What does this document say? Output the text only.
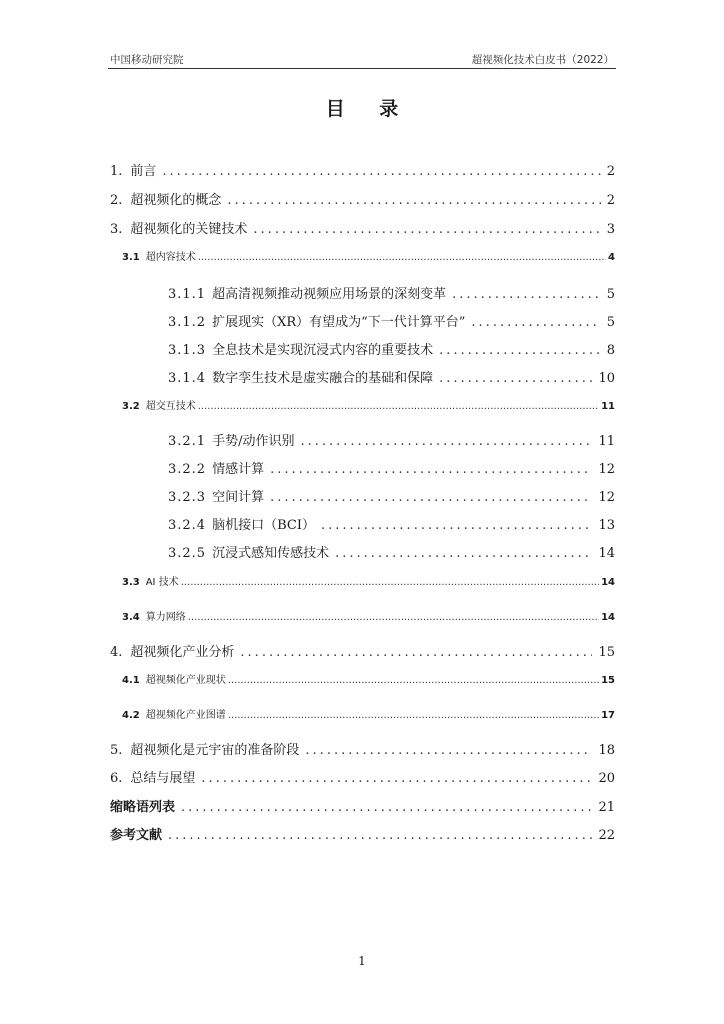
中国移动研究院	超视频化技术白皮书（2022）
目 录
1. 前言 .....	2
2. 超视频化的概念 .....	2
3. 超视频化的关键技术 .....	3
3.1 超内容技术 .....	4
3.1.1 超高清视频推动视频应用场景的深刻变革 .....	5
3.1.2 扩展现实（XR）有望成为“下一代计算平台” .....	5
3.1.3 全息技术是实现沉浸式内容的重要技术 .....	8
3.1.4 数字孪生技术是虚实融合的基础和保障 .....	10
3.2 超交互技术 .....	11
3.2.1 手势/动作识别 .....	11
3.2.2 情感计算 .....	12
3.2.3 空间计算 .....	12
3.2.4 脑机接口（BCI） .....	13
3.2.5 沉浸式感知传感技术 .....	14
3.3 AI 技术 .....	14
3.4 算力网络 .....	14
4. 超视频化产业分析 .....	15
4.1 超视频化产业现状 .....	15
4.2 超视频化产业图谱 .....	17
5. 超视频化是元宇宙的准备阶段 .....	18
6. 总结与展望 .....	20
缩略语列表 .....	21
参考文献 .....	22
1
